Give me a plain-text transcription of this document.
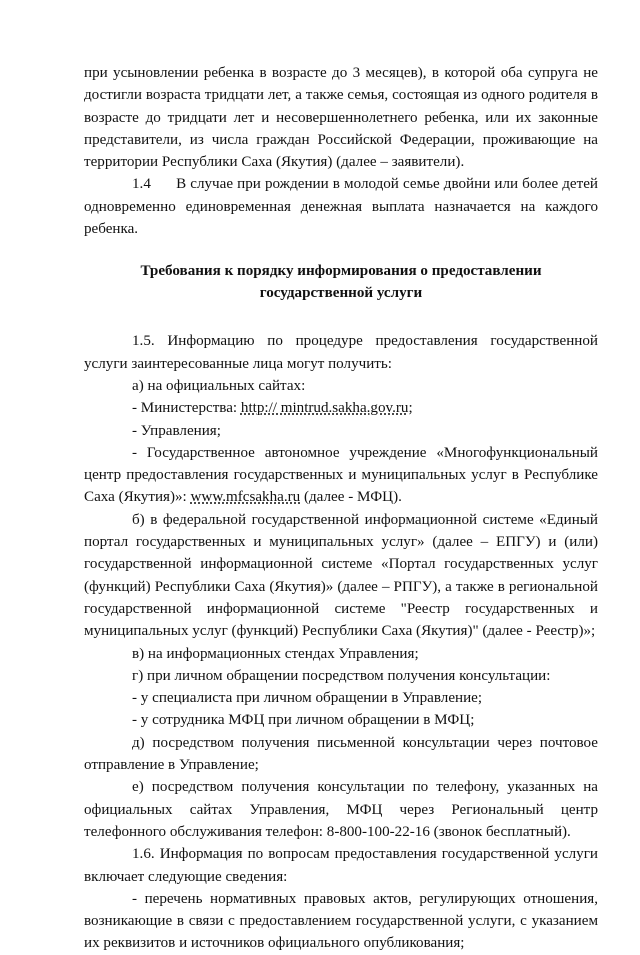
при усыновлении ребенка в возрасте до 3 месяцев), в которой оба супруга не достигли возраста тридцати лет, а также семья, состоящая из одного родителя в возрасте до тридцати лет и несовершеннолетнего ребенка, или их законные представители, из числа граждан Российской Федерации, проживающие на территории Республики Саха (Якутия) (далее – заявители).

1.4 В случае при рождении в молодой семье двойни или более детей одновременно единовременная денежная выплата назначается на каждого ребенка.

Требования к порядку информирования о предоставлении государственной услуги

1.5. Информацию по процедуре предоставления государственной услуги заинтересованные лица могут получить:

а) на официальных сайтах:

- Министерства: http:// mintrud.sakha.gov.ru;

- Управления;

- Государственное автономное учреждение «Многофункциональный центр предоставления государственных и муниципальных услуг в Республике Саха (Якутия)»: www.mfcsakha.ru (далее - МФЦ).

б) в федеральной государственной информационной системе «Единый портал государственных и муниципальных услуг» (далее – ЕПГУ) и (или) государственной информационной системе «Портал государственных услуг (функций) Республики Саха (Якутия)» (далее – РПГУ), а также в региональной государственной информационной системе "Реестр государственных и муниципальных услуг (функций) Республики Саха (Якутия)" (далее - Реестр)»;

в) на информационных стендах Управления;

г) при личном обращении посредством получения консультации:

- у специалиста при личном обращении в Управление;

- у сотрудника МФЦ при личном обращении в МФЦ;

д) посредством получения письменной консультации через почтовое отправление в Управление;

е) посредством получения консультации по телефону, указанных на официальных сайтах Управления, МФЦ через Региональный центр телефонного обслуживания телефон: 8-800-100-22-16 (звонок бесплатный).

1.6. Информация по вопросам предоставления государственной услуги включает следующие сведения:

- перечень нормативных правовых актов, регулирующих отношения, возникающие в связи с предоставлением государственной услуги, с указанием их реквизитов и источников официального опубликования;
